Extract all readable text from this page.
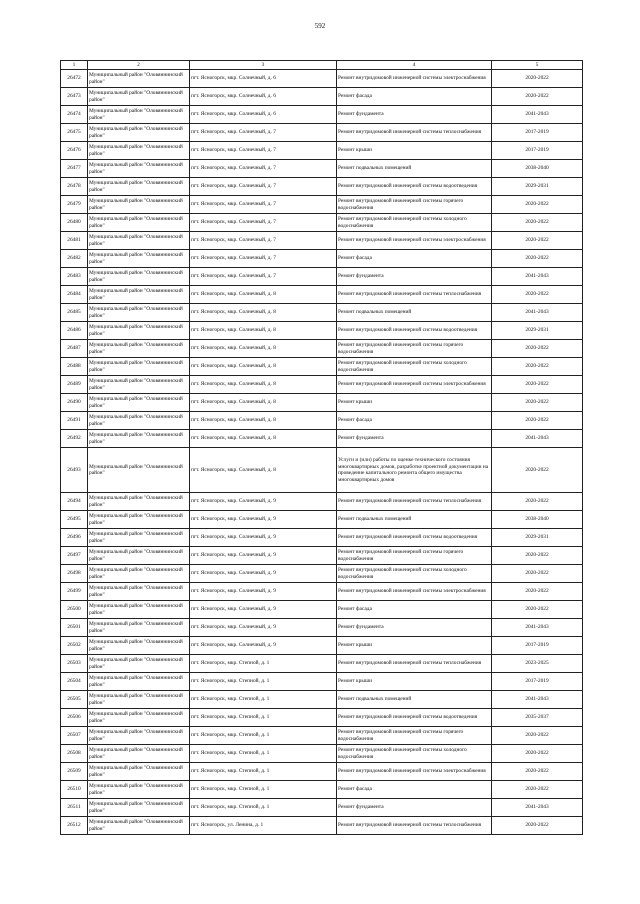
592
1	2	3	4	5
26472	Муниципальный район "Оловяннинский район"	пгт. Ясногорск, мкр. Солнечный, д. 6	Ремонт внутридомовой инженерной системы электроснабжения	2020-2022
26473	Муниципальный район "Оловяннинский район"	пгт. Ясногорск, мкр. Солнечный, д. 6	Ремонт фасада	2020-2022
26474	Муниципальный район "Оловяннинский район"	пгт. Ясногорск, мкр. Солнечный, д. 6	Ремонт фундамента	2041-2043
26475	Муниципальный район "Оловяннинский район"	пгт. Ясногорск, мкр. Солнечный, д. 7	Ремонт внутридомовой инженерной системы теплоснабжения	2017-2019
26476	Муниципальный район "Оловяннинский район"	пгт. Ясногорск, мкр. Солнечный, д. 7	Ремонт крыши	2017-2019
26477	Муниципальный район "Оловяннинский район"	пгт. Ясногорск, мкр. Солнечный, д. 7	Ремонт подвальных помещений	2038-2040
26478	Муниципальный район "Оловяннинский район"	пгт. Ясногорск, мкр. Солнечный, д. 7	Ремонт внутридомовой инженерной системы водоотведения	2029-2031
26479	Муниципальный район "Оловяннинский район"	пгт. Ясногорск, мкр. Солнечный, д. 7	Ремонт внутридомовой инженерной системы горячего водоснабжения	2020-2022
26480	Муниципальный район "Оловяннинский район"	пгт. Ясногорск, мкр. Солнечный, д. 7	Ремонт внутридомовой инженерной системы холодного водоснабжения	2020-2022
26481	Муниципальный район "Оловяннинский район"	пгт. Ясногорск, мкр. Солнечный, д. 7	Ремонт внутридомовой инженерной системы электроснабжения	2020-2022
26482	Муниципальный район "Оловяннинский район"	пгт. Ясногорск, мкр. Солнечный, д. 7	Ремонт фасада	2020-2022
26483	Муниципальный район "Оловяннинский район"	пгт. Ясногорск, мкр. Солнечный, д. 7	Ремонт фундамента	2041-2043
26484	Муниципальный район "Оловяннинский район"	пгт. Ясногорск, мкр. Солнечный, д. 8	Ремонт внутридомовой инженерной системы теплоснабжения	2020-2022
26485	Муниципальный район "Оловяннинский район"	пгт. Ясногорск, мкр. Солнечный, д. 8	Ремонт подвальных помещений	2041-2043
26486	Муниципальный район "Оловяннинский район"	пгт. Ясногорск, мкр. Солнечный, д. 8	Ремонт внутридомовой инженерной системы водоотведения	2029-2031
26487	Муниципальный район "Оловяннинский район"	пгт. Ясногорск, мкр. Солнечный, д. 8	Ремонт внутридомовой инженерной системы горячего водоснабжения	2020-2022
26488	Муниципальный район "Оловяннинский район"	пгт. Ясногорск, мкр. Солнечный, д. 8	Ремонт внутридомовой инженерной системы холодного водоснабжения	2020-2022
26489	Муниципальный район "Оловяннинский район"	пгт. Ясногорск, мкр. Солнечный, д. 8	Ремонт внутридомовой инженерной системы электроснабжения	2020-2022
26490	Муниципальный район "Оловяннинский район"	пгт. Ясногорск, мкр. Солнечный, д. 8	Ремонт крыши	2020-2022
26491	Муниципальный район "Оловяннинский район"	пгт. Ясногорск, мкр. Солнечный, д. 8	Ремонт фасада	2020-2022
26492	Муниципальный район "Оловяннинский район"	пгт. Ясногорск, мкр. Солнечный, д. 8	Ремонт фундамента	2041-2043
26493	Муниципальный район "Оловяннинский район"	пгт. Ясногорск, мкр. Солнечный, д. 8	Услуги и (или) работы по оценке технического состояния многоквартирных домов, разработке проектной документации на проведение капитального ремонта общего имущества многоквартирных домов	2020-2022
26494	Муниципальный район "Оловяннинский район"	пгт. Ясногорск, мкр. Солнечный, д. 9	Ремонт внутридомовой инженерной системы теплоснабжения	2020-2022
26495	Муниципальный район "Оловяннинский район"	пгт. Ясногорск, мкр. Солнечный, д. 9	Ремонт подвальных помещений	2038-2040
26496	Муниципальный район "Оловяннинский район"	пгт. Ясногорск, мкр. Солнечный, д. 9	Ремонт внутридомовой инженерной системы водоотведения	2029-2031
26497	Муниципальный район "Оловяннинский район"	пгт. Ясногорск, мкр. Солнечный, д. 9	Ремонт внутридомовой инженерной системы горячего водоснабжения	2020-2022
26498	Муниципальный район "Оловяннинский район"	пгт. Ясногорск, мкр. Солнечный, д. 9	Ремонт внутридомовой инженерной системы холодного водоснабжения	2020-2022
26499	Муниципальный район "Оловяннинский район"	пгт. Ясногорск, мкр. Солнечный, д. 9	Ремонт внутридомовой инженерной системы электроснабжения	2020-2022
26500	Муниципальный район "Оловяннинский район"	пгт. Ясногорск, мкр. Солнечный, д. 9	Ремонт фасада	2020-2022
26501	Муниципальный район "Оловяннинский район"	пгт. Ясногорск, мкр. Солнечный, д. 9	Ремонт фундамента	2041-2043
26502	Муниципальный район "Оловяннинский район"	пгт. Ясногорск, мкр. Солнечный, д. 9	Ремонт крыши	2017-2019
26503	Муниципальный район "Оловяннинский район"	пгт. Ясногорск, мкр. Степной, д. 1	Ремонт внутридомовой инженерной системы теплоснабжения	2023-2025
26504	Муниципальный район "Оловяннинский район"	пгт. Ясногорск, мкр. Степной, д. 1	Ремонт крыши	2017-2019
26505	Муниципальный район "Оловяннинский район"	пгт. Ясногорск, мкр. Степной, д. 1	Ремонт подвальных помещений	2041-2043
26506	Муниципальный район "Оловяннинский район"	пгт. Ясногорск, мкр. Степной, д. 1	Ремонт внутридомовой инженерной системы водоотведения	2035-2037
26507	Муниципальный район "Оловяннинский район"	пгт. Ясногорск, мкр. Степной, д. 1	Ремонт внутридомовой инженерной системы горячего водоснабжения	2020-2022
26508	Муниципальный район "Оловяннинский район"	пгт. Ясногорск, мкр. Степной, д. 1	Ремонт внутридомовой инженерной системы холодного водоснабжения	2020-2022
26509	Муниципальный район "Оловяннинский район"	пгт. Ясногорск, мкр. Степной, д. 1	Ремонт внутридомовой инженерной системы электроснабжения	2020-2022
26510	Муниципальный район "Оловяннинский район"	пгт. Ясногорск, мкр. Степной, д. 1	Ремонт фасада	2020-2022
26511	Муниципальный район "Оловяннинский район"	пгт. Ясногорск, мкр. Степной, д. 1	Ремонт фундамента	2041-2043
26512	Муниципальный район "Оловяннинский район"	пгт. Ясногорск, ул. Ленина, д. 1	Ремонт внутридомовой инженерной системы теплоснабжения	2020-2022
